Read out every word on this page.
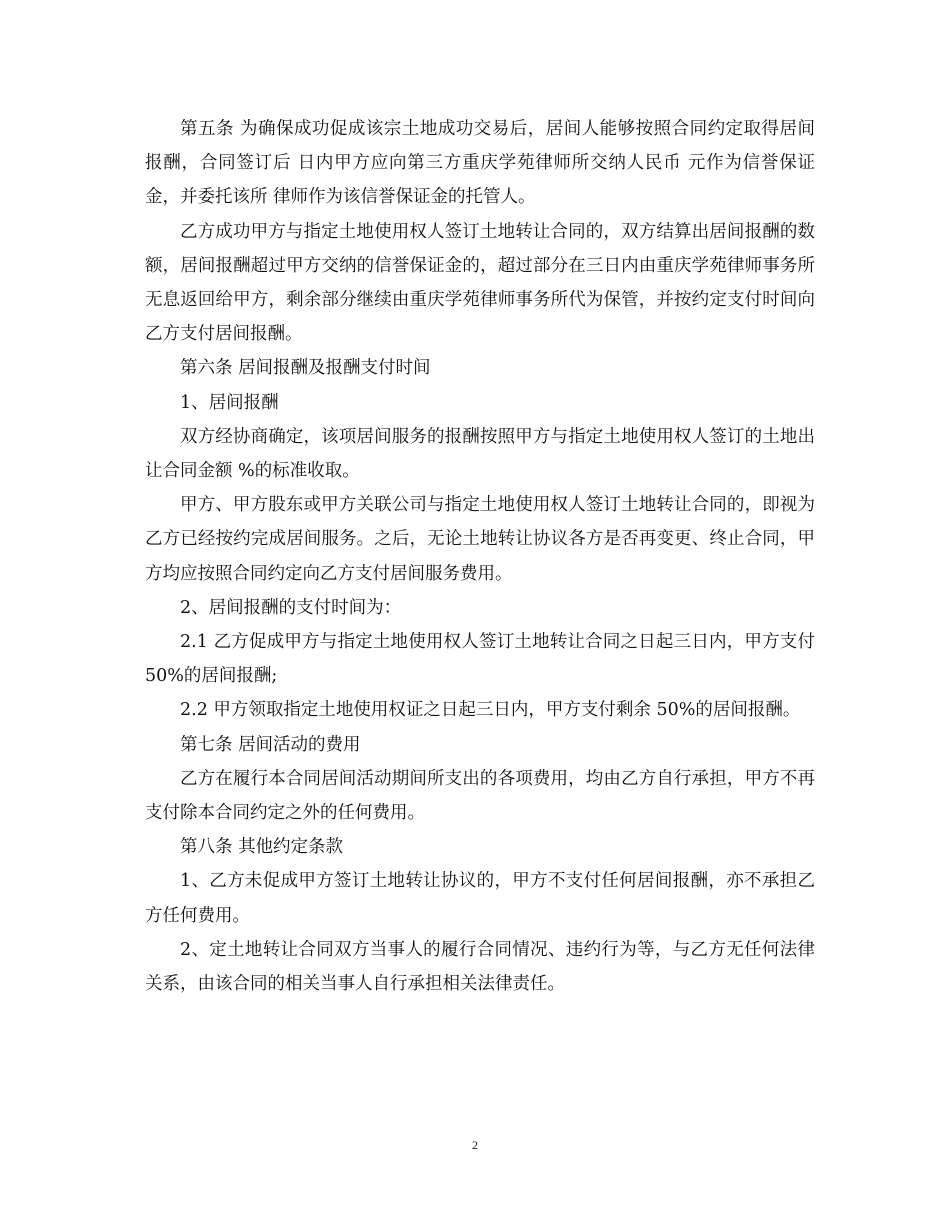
第五条 为确保成功促成该宗土地成功交易后，居间人能够按照合同约定取得居间报酬，合同签订后 日内甲方应向第三方重庆学苑律师所交纳人民币 元作为信誉保证金，并委托该所 律师作为该信誉保证金的托管人。

乙方成功甲方与指定土地使用权人签订土地转让合同的，双方结算出居间报酬的数额，居间报酬超过甲方交纳的信誉保证金的，超过部分在三日内由重庆学苑律师事务所无息返回给甲方，剩余部分继续由重庆学苑律师事务所代为保管，并按约定支付时间向乙方支付居间报酬。

第六条 居间报酬及报酬支付时间

1、居间报酬

双方经协商确定，该项居间服务的报酬按照甲方与指定土地使用权人签订的土地出让合同金额 %的标准收取。

甲方、甲方股东或甲方关联公司与指定土地使用权人签订土地转让合同的，即视为乙方已经按约完成居间服务。之后，无论土地转让协议各方是否再变更、终止合同，甲方均应按照合同约定向乙方支付居间服务费用。

2、居间报酬的支付时间为：

2.1 乙方促成甲方与指定土地使用权人签订土地转让合同之日起三日内，甲方支付 50%的居间报酬;

2.2 甲方领取指定土地使用权证之日起三日内，甲方支付剩余 50%的居间报酬。

第七条 居间活动的费用

乙方在履行本合同居间活动期间所支出的各项费用，均由乙方自行承担，甲方不再支付除本合同约定之外的任何费用。

第八条 其他约定条款

1、乙方未促成甲方签订土地转让协议的，甲方不支付任何居间报酬，亦不承担乙方任何费用。

2、定土地转让合同双方当事人的履行合同情况、违约行为等，与乙方无任何法律关系，由该合同的相关当事人自行承担相关法律责任。

2
